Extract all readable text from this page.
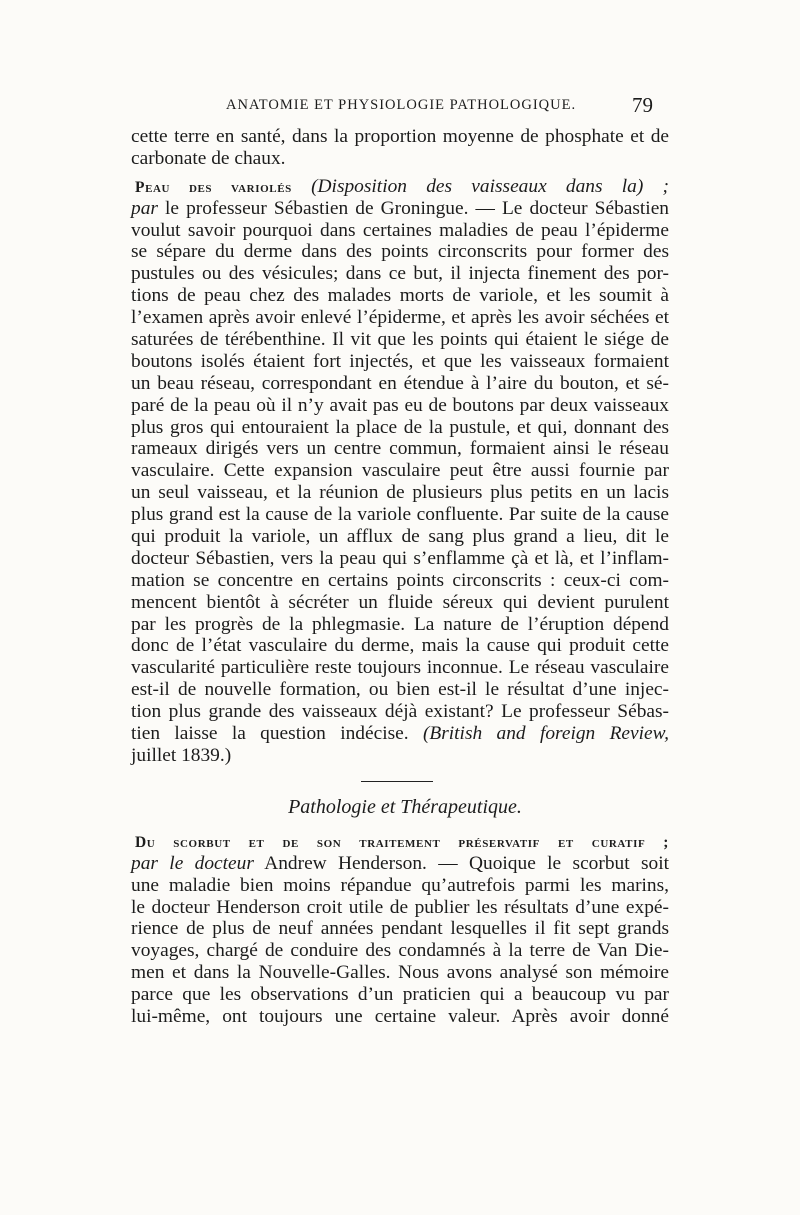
ANATOMIE ET PHYSIOLOGIE PATHOLOGIQUE.	79
cette terre en santé, dans la proportion moyenne de phosphate et de
carbonate de chaux.
Peau des variolés (Disposition des vaisseaux dans la) ;
par le professeur Sébastien de Groningue. — Le docteur Sébastien
voulut savoir pourquoi dans certaines maladies de peau l’épiderme
se sépare du derme dans des points circonscrits pour former des
pustules ou des vésicules; dans ce but, il injecta finement des por-
tions de peau chez des malades morts de variole, et les soumit à
l’examen après avoir enlevé l’épiderme, et après les avoir séchées et
saturées de térébenthine. Il vit que les points qui étaient le siége de
boutons isolés étaient fort injectés, et que les vaisseaux formaient
un beau réseau, correspondant en étendue à l’aire du bouton, et sé-
paré de la peau où il n’y avait pas eu de boutons par deux vaisseaux
plus gros qui entouraient la place de la pustule, et qui, donnant des
rameaux dirigés vers un centre commun, formaient ainsi le réseau
vasculaire. Cette expansion vasculaire peut être aussi fournie par
un seul vaisseau, et la réunion de plusieurs plus petits en un lacis
plus grand est la cause de la variole confluente. Par suite de la cause
qui produit la variole, un afflux de sang plus grand a lieu, dit le
docteur Sébastien, vers la peau qui s’enflamme çà et là, et l’inflam-
mation se concentre en certains points circonscrits : ceux-ci com-
mencent bientôt à sécréter un fluide séreux qui devient purulent
par les progrès de la phlegmasie. La nature de l’éruption dépend
donc de l’état vasculaire du derme, mais la cause qui produit cette
vascularité particulière reste toujours inconnue. Le réseau vasculaire
est-il de nouvelle formation, ou bien est-il le résultat d’une injec-
tion plus grande des vaisseaux déjà existant? Le professeur Sébas-
tien laisse la question indécise. (British and foreign Review,
juillet 1839.)
Pathologie et Thérapeutique.
Du scorbut et de son traitement préservatif et curatif ;
par le docteur Andrew Henderson. — Quoique le scorbut soit
une maladie bien moins répandue qu’autrefois parmi les marins,
le docteur Henderson croit utile de publier les résultats d’une expé-
rience de plus de neuf années pendant lesquelles il fit sept grands
voyages, chargé de conduire des condamnés à la terre de Van Die-
men et dans la Nouvelle-Galles. Nous avons analysé son mémoire
parce que les observations d’un praticien qui a beaucoup vu par
lui-même, ont toujours une certaine valeur. Après avoir donné
